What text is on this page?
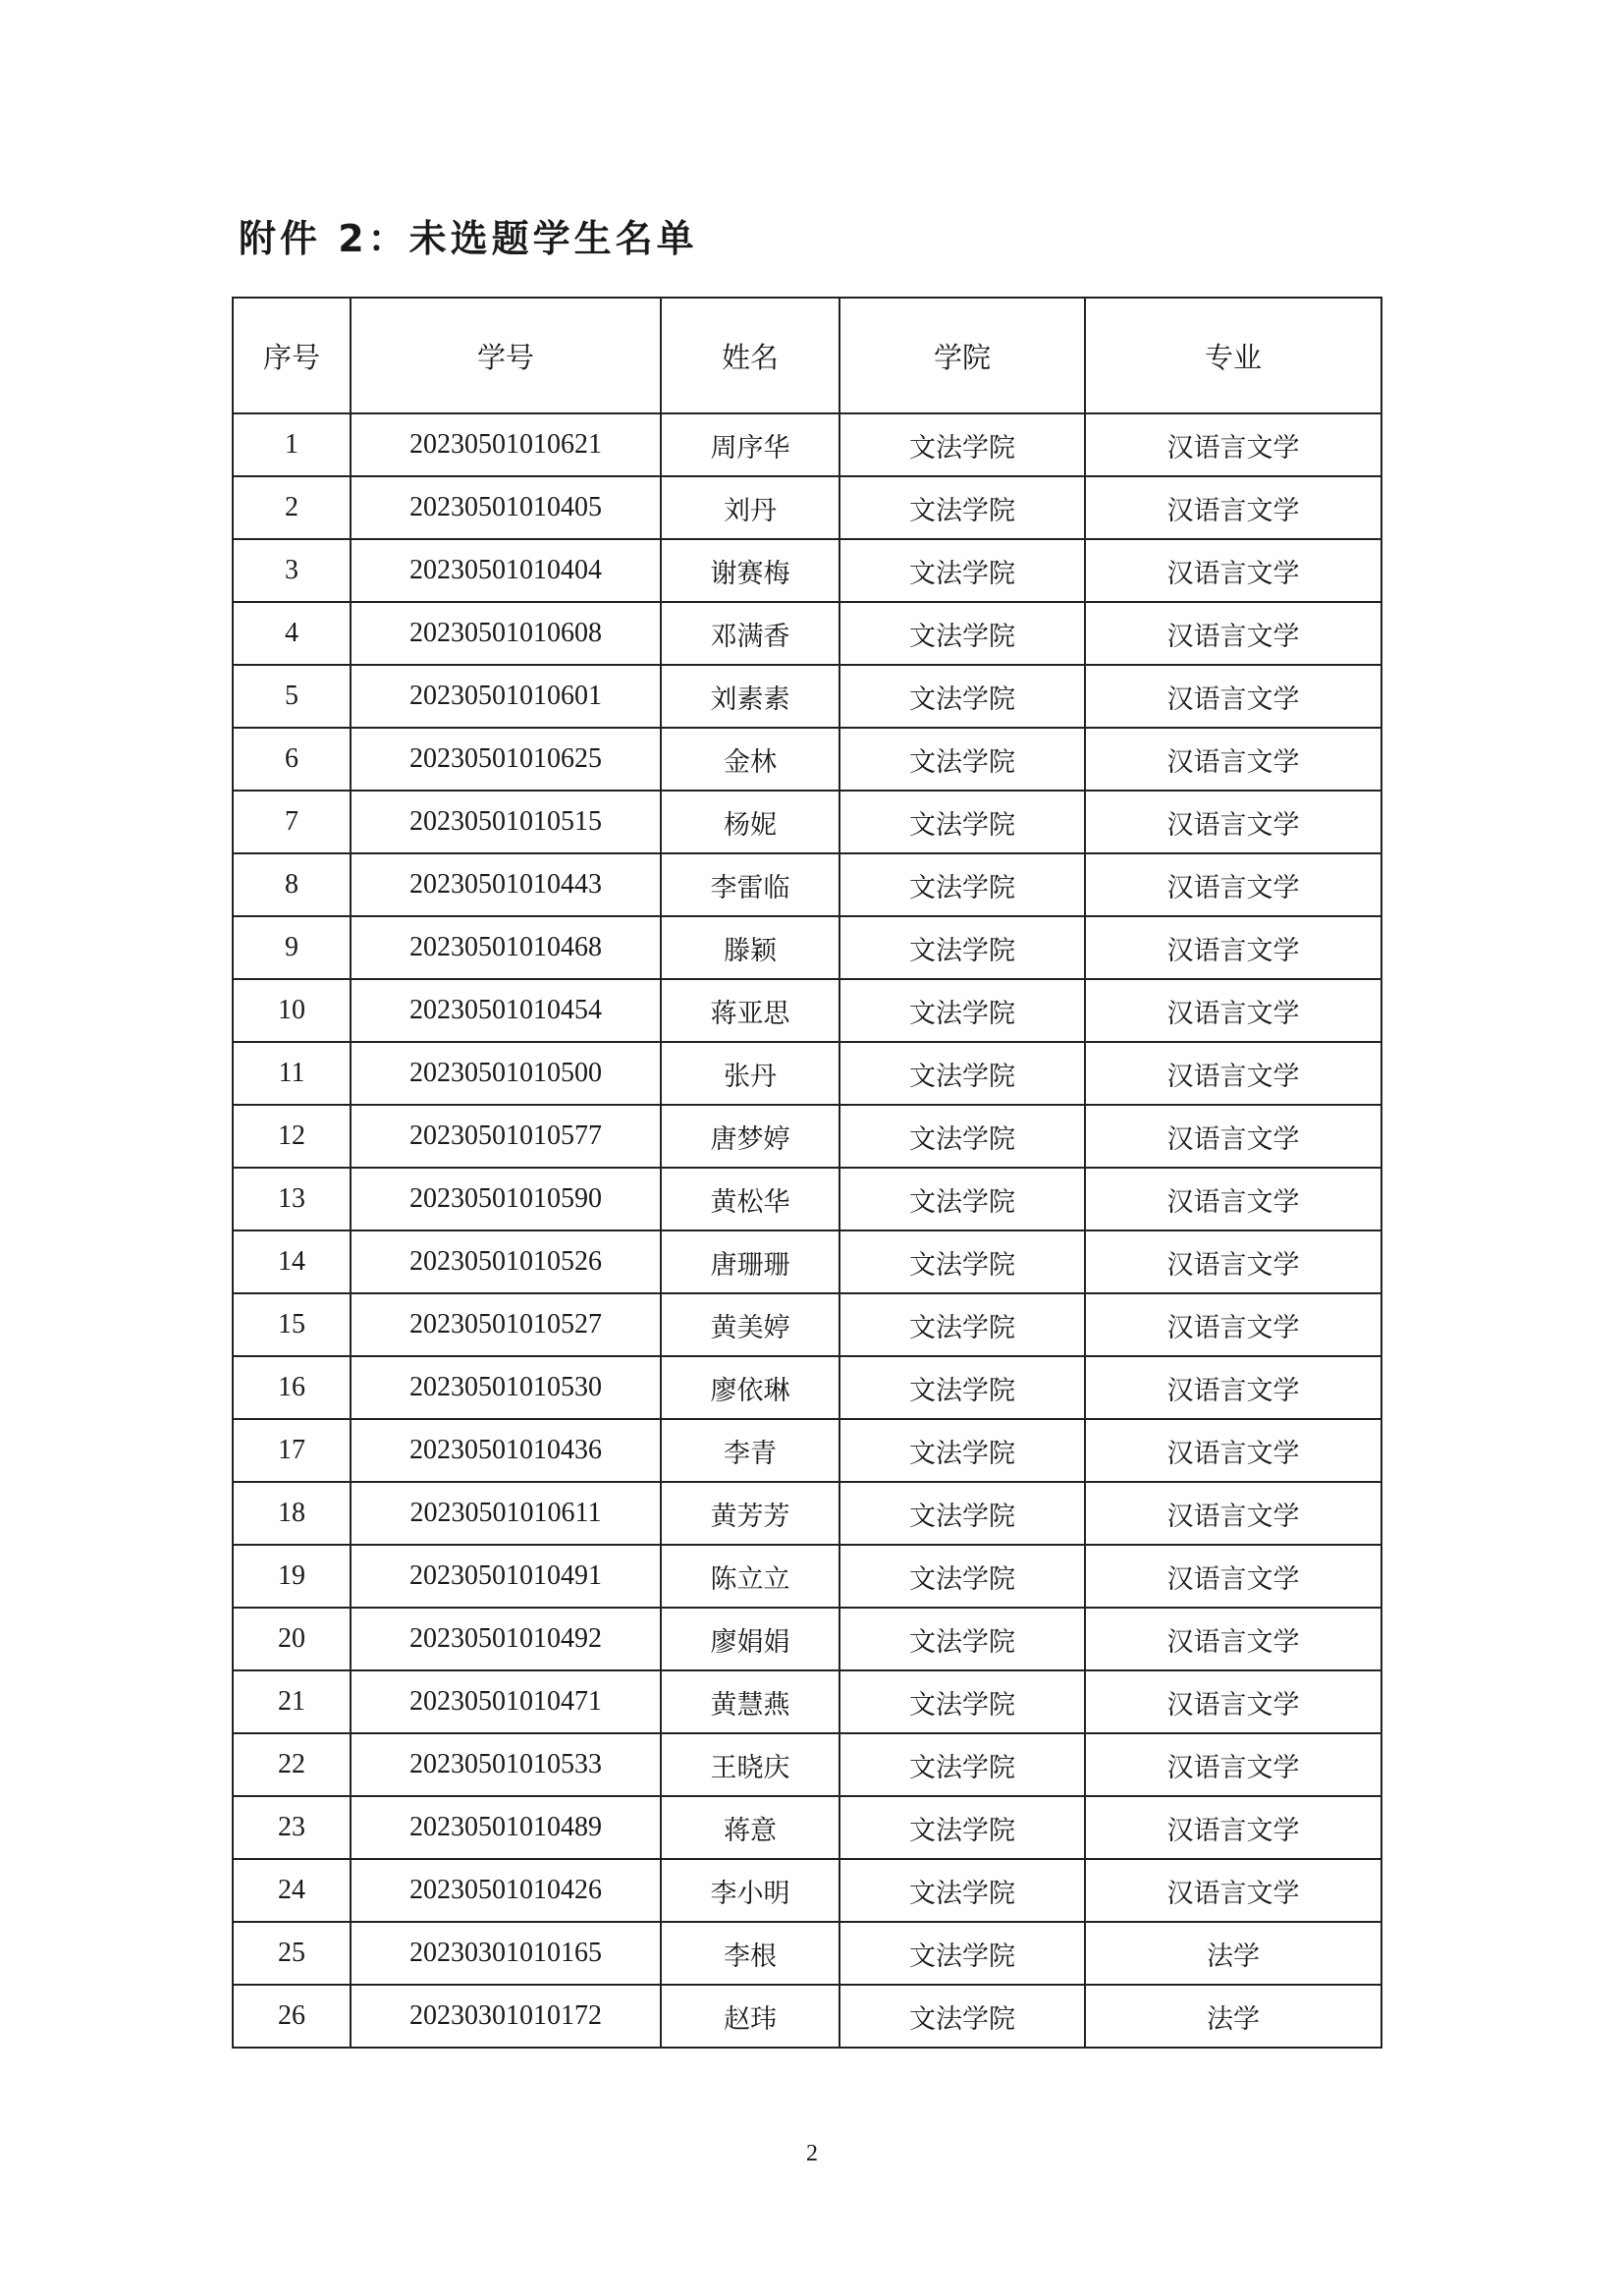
附件 2：未选题学生名单
序号	学号	姓名	学院	专业
1	20230501010621	周序华	文法学院	汉语言文学
2	20230501010405	刘丹	文法学院	汉语言文学
3	20230501010404	谢赛梅	文法学院	汉语言文学
4	20230501010608	邓满香	文法学院	汉语言文学
5	20230501010601	刘素素	文法学院	汉语言文学
6	20230501010625	金林	文法学院	汉语言文学
7	20230501010515	杨妮	文法学院	汉语言文学
8	20230501010443	李雷临	文法学院	汉语言文学
9	20230501010468	滕颖	文法学院	汉语言文学
10	20230501010454	蒋亚思	文法学院	汉语言文学
11	20230501010500	张丹	文法学院	汉语言文学
12	20230501010577	唐梦婷	文法学院	汉语言文学
13	20230501010590	黄松华	文法学院	汉语言文学
14	20230501010526	唐珊珊	文法学院	汉语言文学
15	20230501010527	黄美婷	文法学院	汉语言文学
16	20230501010530	廖依琳	文法学院	汉语言文学
17	20230501010436	李青	文法学院	汉语言文学
18	20230501010611	黄芳芳	文法学院	汉语言文学
19	20230501010491	陈立立	文法学院	汉语言文学
20	20230501010492	廖娟娟	文法学院	汉语言文学
21	20230501010471	黄慧燕	文法学院	汉语言文学
22	20230501010533	王晓庆	文法学院	汉语言文学
23	20230501010489	蒋意	文法学院	汉语言文学
24	20230501010426	李小明	文法学院	汉语言文学
25	20230301010165	李根	文法学院	法学
26	20230301010172	赵玮	文法学院	法学
2
